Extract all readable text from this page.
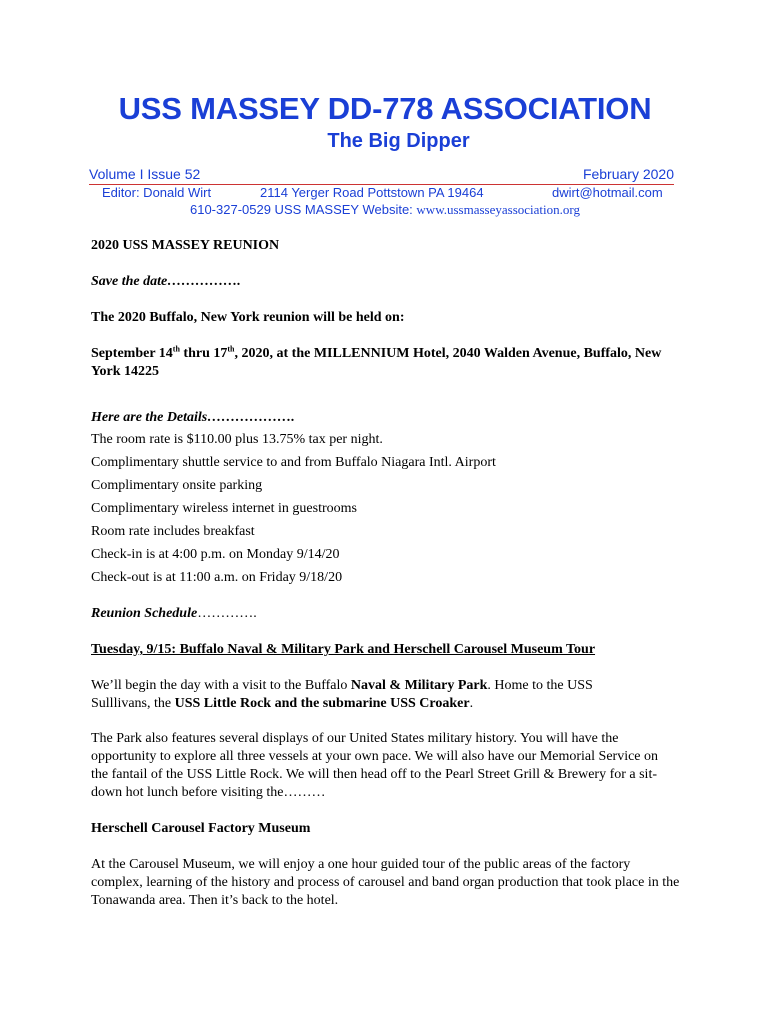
USS MASSEY DD-778 ASSOCIATION
The Big Dipper
Volume I Issue 52	February 2020
Editor: Donald Wirt	2114 Yerger Road Pottstown PA 19464	dwirt@hotmail.com
610-327-0529 USS MASSEY Website: www.ussmasseyassociation.org
2020 USS MASSEY REUNION
Save the date…………….
The 2020 Buffalo, New York reunion will be held on:
September 14th thru 17th, 2020, at the MILLENNIUM Hotel, 2040 Walden Avenue, Buffalo, New York 14225
Here are the Details……………….
The room rate is $110.00 plus 13.75% tax per night.
Complimentary shuttle service to and from Buffalo Niagara Intl. Airport
Complimentary onsite parking
Complimentary wireless internet in guestrooms
Room rate includes breakfast
Check-in is at 4:00 p.m. on Monday 9/14/20
Check-out is at 11:00 a.m. on Friday 9/18/20
Reunion Schedule………….
Tuesday, 9/15: Buffalo Naval & Military Park and Herschell Carousel Museum Tour
We’ll begin the day with a visit to the Buffalo Naval & Military Park. Home to the USS Sulllivans, the USS Little Rock and the submarine USS Croaker.
The Park also features several displays of our United States military history. You will have the opportunity to explore all three vessels at your own pace. We will also have our Memorial Service on the fantail of the USS Little Rock. We will then head off to the Pearl Street Grill & Brewery for a sit-down hot lunch before visiting the………
Herschell Carousel Factory Museum
At the Carousel Museum, we will enjoy a one hour guided tour of the public areas of the factory complex, learning of the history and process of carousel and band organ production that took place in the Tonawanda area. Then it’s back to the hotel.
